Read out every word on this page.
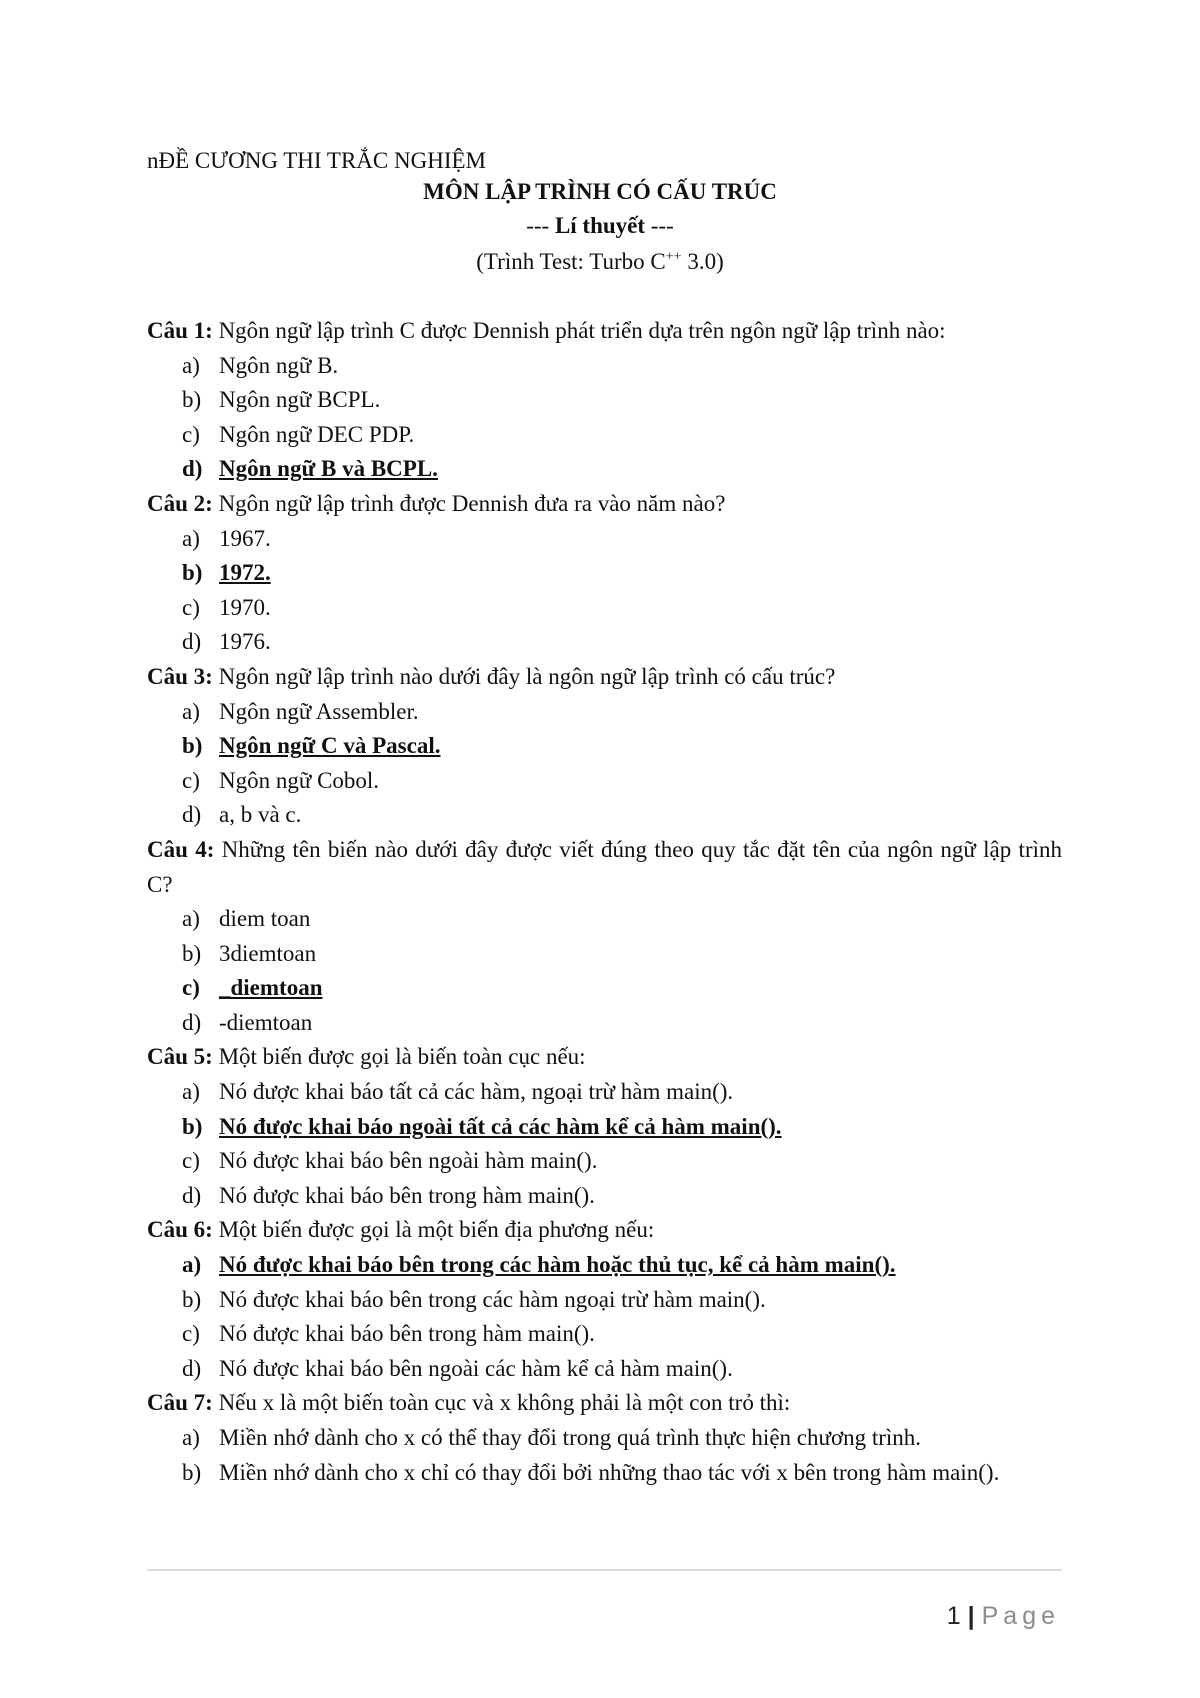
nĐỀ CƯƠNG THI TRẮC NGHIỆM
MÔN LẬP TRÌNH CÓ CẤU TRÚC
--- Lí thuyết ---
(Trình Test: Turbo C++ 3.0)
Câu 1: Ngôn ngữ lập trình C được Dennish phát triển dựa trên ngôn ngữ lập trình nào:
a) Ngôn ngữ B.
b) Ngôn ngữ BCPL.
c) Ngôn ngữ DEC PDP.
d) Ngôn ngữ B và BCPL.
Câu 2: Ngôn ngữ lập trình được Dennish đưa ra vào năm nào?
a) 1967.
b) 1972.
c) 1970.
d) 1976.
Câu 3: Ngôn ngữ lập trình nào dưới đây là ngôn ngữ lập trình có cấu trúc?
a) Ngôn ngữ Assembler.
b) Ngôn ngữ C và Pascal.
c) Ngôn ngữ Cobol.
d) a, b và c.
Câu 4: Những tên biến nào dưới đây được viết đúng theo quy tắc đặt tên của ngôn ngữ lập trình C?
a) diem toan
b) 3diemtoan
c) _diemtoan
d) -diemtoan
Câu 5: Một biến được gọi là biến toàn cục nếu:
a) Nó được khai báo tất cả các hàm, ngoại trừ hàm main().
b) Nó được khai báo ngoài tất cả các hàm kể cả hàm main().
c) Nó được khai báo bên ngoài hàm main().
d) Nó được khai báo bên trong hàm main().
Câu 6: Một biến được gọi là một biến địa phương nếu:
a) Nó được khai báo bên trong các hàm hoặc thủ tục, kể cả hàm main().
b) Nó được khai báo bên trong các hàm ngoại trừ hàm main().
c) Nó được khai báo bên trong hàm main().
d) Nó được khai báo bên ngoài các hàm kể cả hàm main().
Câu 7: Nếu x là một biến toàn cục và x không phải là một con trỏ thì:
a) Miền nhớ dành cho x có thể thay đổi trong quá trình thực hiện chương trình.
b) Miền nhớ dành cho x chỉ có thay đổi bởi những thao tác với x bên trong hàm main().
1 | Page
